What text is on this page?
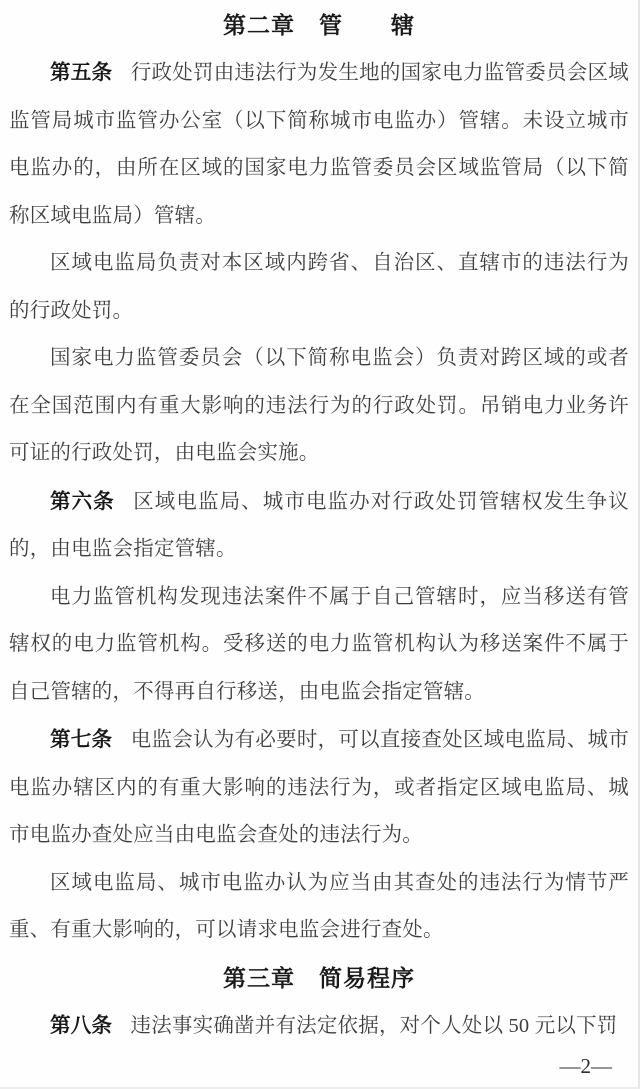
第二章　管　　辖

第五条 行政处罚由违法行为发生地的国家电力监管委员会区域监管局城市监管办公室（以下简称城市电监办）管辖。未设立城市电监办的，由所在区域的国家电力监管委员会区域监管局（以下简称区域电监局）管辖。

区域电监局负责对本区域内跨省、自治区、直辖市的违法行为的行政处罚。

国家电力监管委员会（以下简称电监会）负责对跨区域的或者在全国范围内有重大影响的违法行为的行政处罚。吊销电力业务许可证的行政处罚，由电监会实施。

第六条 区域电监局、城市电监办对行政处罚管辖权发生争议的，由电监会指定管辖。

电力监管机构发现违法案件不属于自己管辖时，应当移送有管辖权的电力监管机构。受移送的电力监管机构认为移送案件不属于自己管辖的，不得再自行移送，由电监会指定管辖。

第七条 电监会认为有必要时，可以直接查处区域电监局、城市电监办辖区内的有重大影响的违法行为，或者指定区域电监局、城市电监办查处应当由电监会查处的违法行为。

区域电监局、城市电监办认为应当由其查处的违法行为情节严重、有重大影响的，可以请求电监会进行查处。

第三章　简易程序

第八条 违法事实确凿并有法定依据，对个人处以 50 元以下罚

—2—
